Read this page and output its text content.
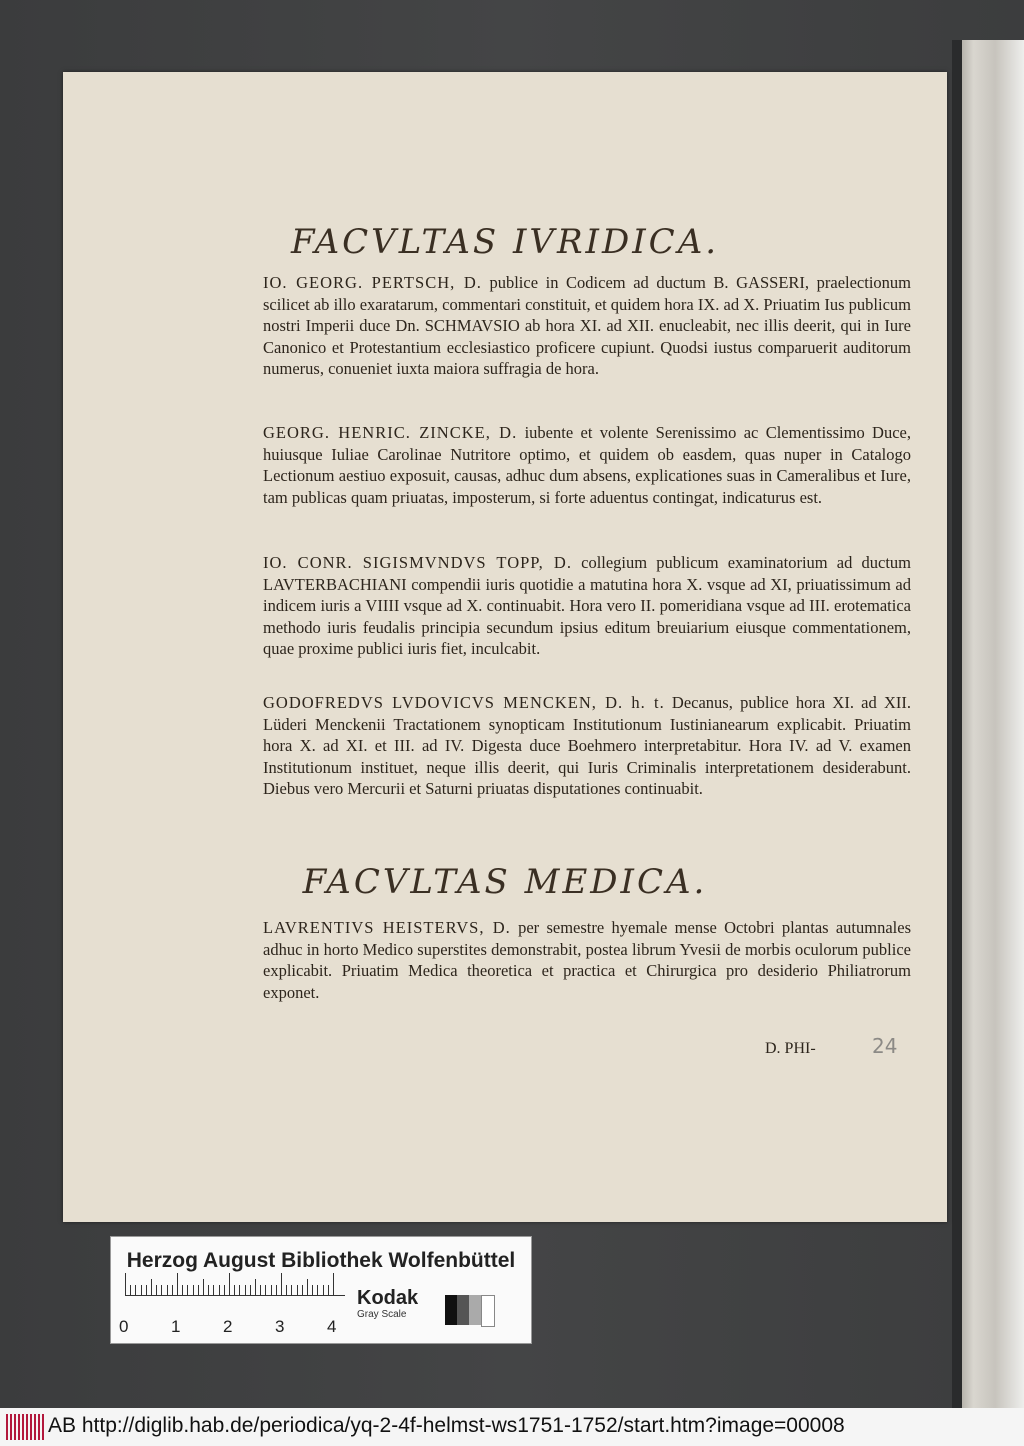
FACVLTAS IVRIDICA.
IO. GEORG. PERTSCH, D. publice in Codicem ad ductum B. GASSERI, praelectionum scilicet ab illo exaratarum, commentari constituit, et quidem hora IX. ad X. Priuatim Ius publicum nostri Imperii duce Dn. SCHMAVSIO ab hora XI. ad XII. enucleabit, nec illis deerit, qui in Iure Canonico et Protestantium ecclesiastico proficere cupiunt. Quodsi iustus comparuerit auditorum numerus, conueniet iuxta maiora suffragia de hora.
GEORG. HENRIC. ZINCKE, D. iubente et volente Serenissimo ac Clementissimo Duce, huiusque Iuliae Carolinae Nutritore optimo, et quidem ob easdem, quas nuper in Catalogo Lectionum aestiuo exposuit, causas, adhuc dum absens, explicationes suas in Cameralibus et Iure, tam publicas quam priuatas, imposterum, si forte aduentus contingat, indicaturus est.
IO. CONR. SIGISMVNDVS TOPP, D. collegium publicum examinatorium ad ductum LAVTERBACHIANI compendii iuris quotidie a matutina hora X. vsque ad XI, priuatissimum ad indicem iuris a VIIII vsque ad X. continuabit. Hora vero II. pomeridiana vsque ad III. erotematica methodo iuris feudalis principia secundum ipsius editum breuiarium eiusque commentationem, quae proxime publici iuris fiet, inculcabit.
GODOFREDVS LVDOVICVS MENCKEN, D. h. t. Decanus, publice hora XI. ad XII. Lüderi Menckenii Tractationem synopticam Institutionum Iustinianearum explicabit. Priuatim hora X. ad XI. et III. ad IV. Digesta duce Boehmero interpretabitur. Hora IV. ad V. examen Institutionum instituet, neque illis deerit, qui Iuris Criminalis interpretationem desiderabunt. Diebus vero Mercurii et Saturni priuatas disputationes continuabit.
FACVLTAS MEDICA.
LAVRENTIVS HEISTERVS, D. per semestre hyemale mense Octobri plantas autumnales adhuc in horto Medico superstites demonstrabit, postea librum Yvesii de morbis oculorum publice explicabit. Priuatim Medica theoretica et practica et Chirurgica pro desiderio Philiatrorum exponet.
D. PHI-	24
Herzog August Bibliothek Wolfenbüttel
0	1	2	3	4
Kodak
Gray Scale
AB http://diglib.hab.de/periodica/yq-2-4f-helmst-ws1751-1752/start.htm?image=00008
